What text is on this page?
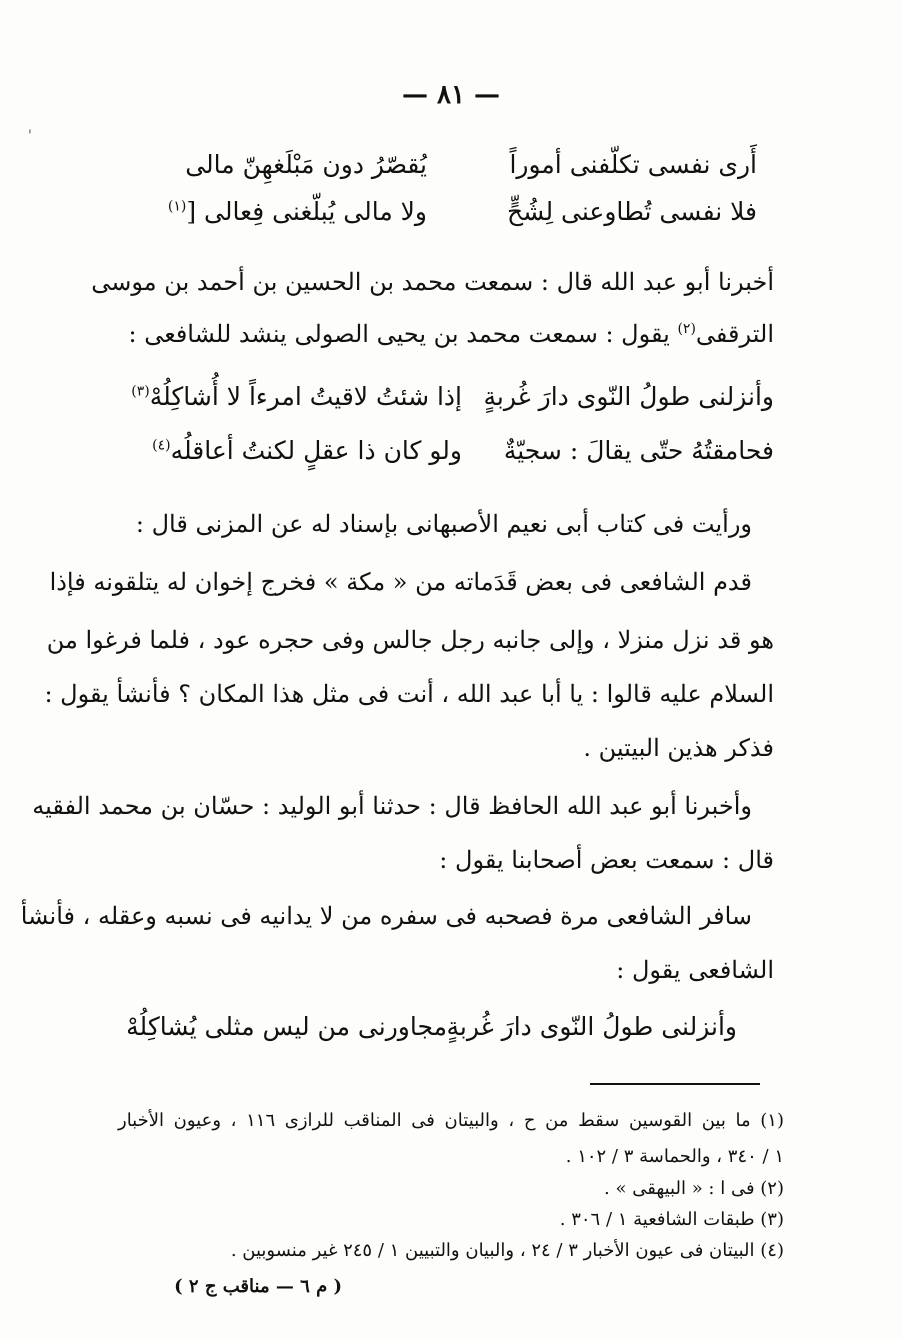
'
— ٨١ —
أَرى نفسى تكلّفنى أموراً
يُقصّرُ دون مَبْلَغهِنّ مالى
فلا نفسى تُطاوعنى لِشُحٍّ
ولا مالى يُبلّغنى فِعالى [$^{(١)}$
أخبرنا أبو عبد الله قال : سمعت محمد بن الحسين بن أحمد بن موسى
الترقفى$^{(٢)}$ يقول : سمعت محمد بن يحيى الصولى ينشد للشافعى :
وأنزلنى طولُ النّوى دارَ غُربةٍ
إذا شئتُ لاقيتُ امرءاً لا أُشاكِلُهْ$^{(٣)}$
فحامقتُهُ حتّى يقالَ : سجيّةٌ
ولو كان ذا عقلٍ لكنتُ أعاقلُه$^{(٤)}$
ورأيت فى كتاب أبى نعيم الأصبهانى بإسناد له عن المزنى قال :
قدم الشافعى فى بعض قَدَماته من « مكة » فخرج إخوان له يتلقونه فإذا
هو قد نزل منزلا ، وإلى جانبه رجل جالس وفى حجره عود ، فلما فرغوا من
السلام عليه قالوا : يا أبا عبد الله ، أنت فى مثل هذا المكان ؟ فأنشأ يقول :
فذكر هذين البيتين .
وأخبرنا أبو عبد الله الحافظ قال : حدثنا أبو الوليد : حسّان بن محمد الفقيه
قال : سمعت بعض أصحابنا يقول :
سافر الشافعى مرة فصحبه فى سفره من لا يدانيه فى نسبه وعقله ، فأنشأ
الشافعى يقول :
وأنزلنى طولُ النّوى دارَ غُربةٍ
مجاورنى من ليس مثلى يُشاكِلُهْ
(١) ما بين القوسين سقط من ح ، والبيتان فى المناقب للرازى ١١٦ ، وعيون الأخبار
١ / ٣٤٠ ، والحماسة ٣ / ١٠٢ .
(٢) فى ا : « البيهقى » .
(٣) طبقات الشافعية ١ / ٣٠٦ .
(٤) البيتان فى عيون الأخبار ٣ / ٢٤ ، والبيان والتبيين ١ / ٢٤٥ غير منسوبين .
( م ٦ — مناقب ج ٢ )
